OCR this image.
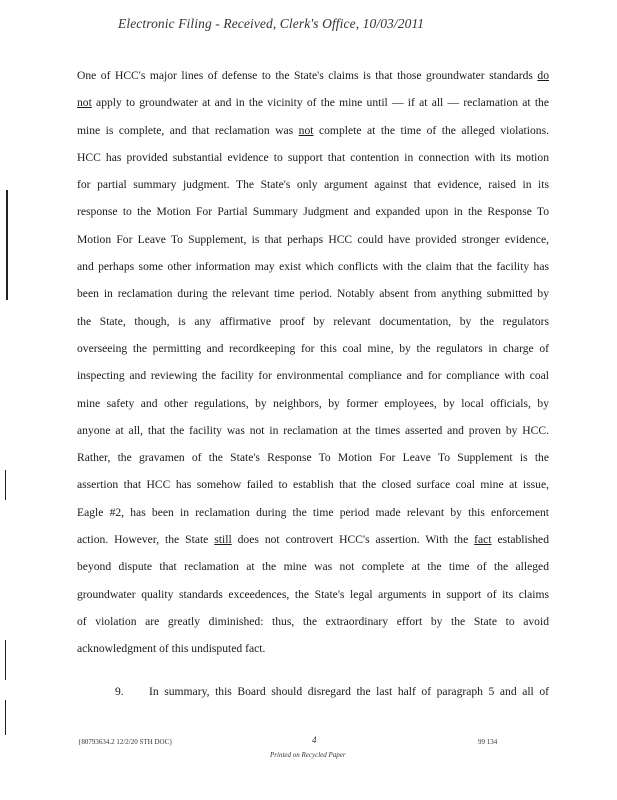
Electronic Filing - Received, Clerk's Office, 10/03/2011
One of HCC's major lines of defense to the State's claims is that those groundwater standards do
not apply to groundwater at and in the vicinity of the mine until — if at all — reclamation at the
mine is complete, and that reclamation was not complete at the time of the alleged violations.
HCC has provided substantial evidence to support that contention in connection with its motion
for partial summary judgment. The State's only argument against that evidence, raised in its
response to the Motion For Partial Summary Judgment and expanded upon in the Response To
Motion For Leave To Supplement, is that perhaps HCC could have provided stronger evidence,
and perhaps some other information may exist which conflicts with the claim that the facility has
been in reclamation during the relevant time period. Notably absent from anything submitted by
the State, though, is any affirmative proof by relevant documentation, by the regulators
overseeing the permitting and recordkeeping for this coal mine, by the regulators in charge of
inspecting and reviewing the facility for environmental compliance and for compliance with coal
mine safety and other regulations, by neighbors, by former employees, by local officials, by
anyone at all, that the facility was not in reclamation at the times asserted and proven by HCC.
Rather, the gravamen of the State's Response To Motion For Leave To Supplement is the
assertion that HCC has somehow failed to establish that the closed surface coal mine at issue,
Eagle #2, has been in reclamation during the time period made relevant by this enforcement
action. However, the State still does not controvert HCC's assertion. With the fact established
beyond dispute that reclamation at the mine was not complete at the time of the alleged
groundwater quality standards exceedences, the State's legal arguments in support of its claims
of violation are greatly diminished: thus, the extraordinary effort by the State to avoid
acknowledgment of this undisputed fact.
9. In summary, this Board should disregard the last half of paragraph 5 and all of
{80793634.2 12/2/20 STH DOC}	4	99 134
Printed on Recycled Paper
